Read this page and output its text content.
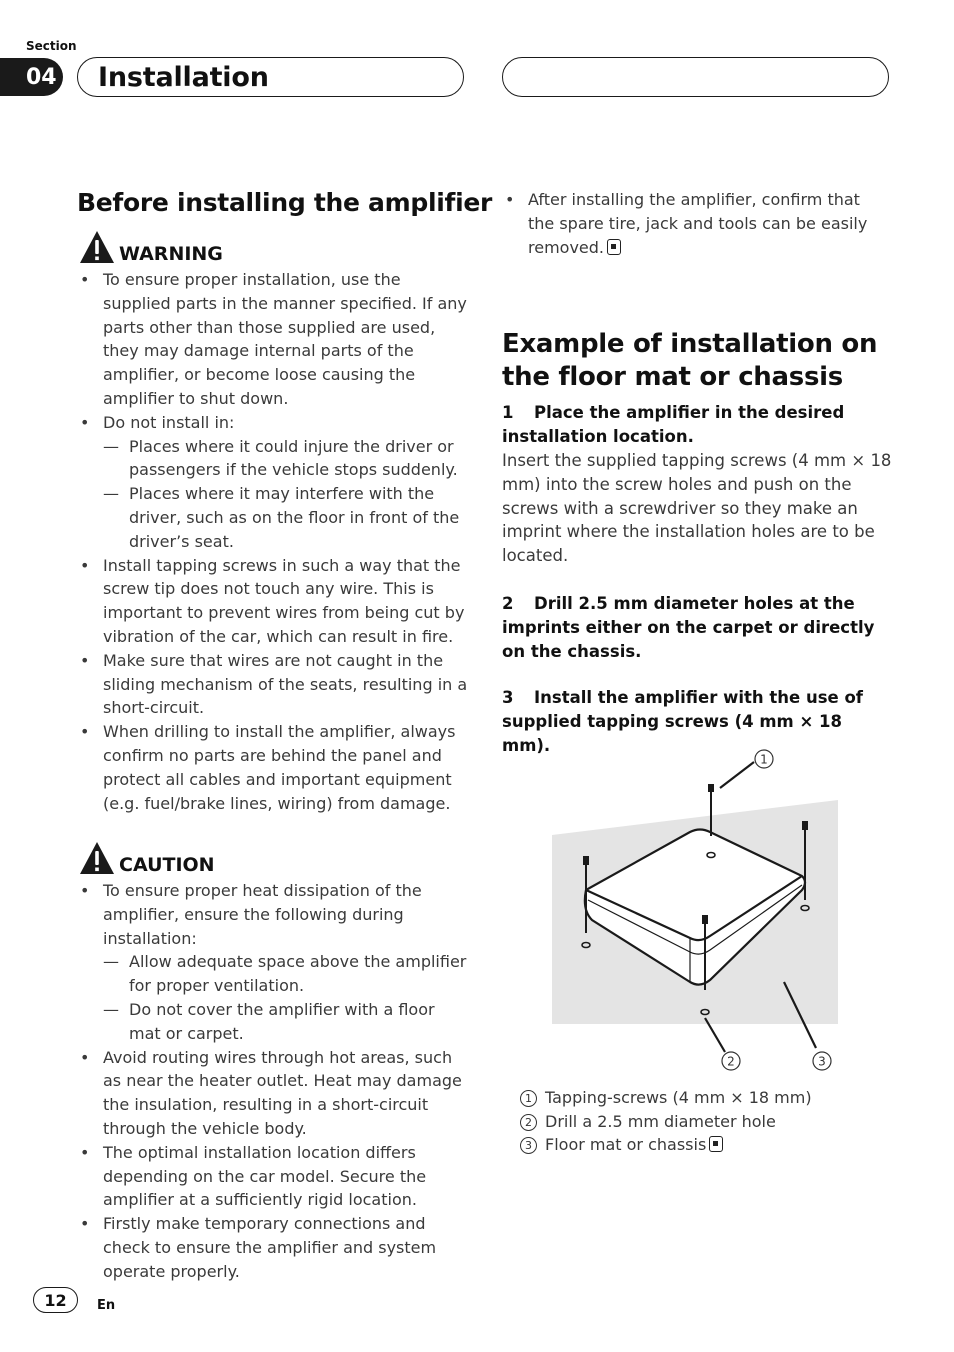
Section
04 Installation
Before installing the amplifier
WARNING
• To ensure proper installation, use the supplied parts in the manner specified. If any parts other than those supplied are used, they may damage internal parts of the amplifier, or become loose causing the amplifier to shut down.
• Do not install in:
— Places where it could injure the driver or passengers if the vehicle stops suddenly.
— Places where it may interfere with the driver, such as on the floor in front of the driver’s seat.
• Install tapping screws in such a way that the screw tip does not touch any wire. This is important to prevent wires from being cut by vibration of the car, which can result in fire.
• Make sure that wires are not caught in the sliding mechanism of the seats, resulting in a short-circuit.
• When drilling to install the amplifier, always confirm no parts are behind the panel and protect all cables and important equipment (e.g. fuel/brake lines, wiring) from damage.
CAUTION
• To ensure proper heat dissipation of the amplifier, ensure the following during installation:
— Allow adequate space above the amplifier for proper ventilation.
— Do not cover the amplifier with a floor mat or carpet.
• Avoid routing wires through hot areas, such as near the heater outlet. Heat may damage the insulation, resulting in a short-circuit through the vehicle body.
• The optimal installation location differs depending on the car model. Secure the amplifier at a sufficiently rigid location.
• Firstly make temporary connections and check to ensure the amplifier and system operate properly.
• After installing the amplifier, confirm that the spare tire, jack and tools can be easily removed.
Example of installation on
the floor mat or chassis
1 Place the amplifier in the desired installation location.
Insert the supplied tapping screws (4 mm × 18 mm) into the screw holes and push on the screws with a screwdriver so they make an imprint where the installation holes are to be located.
2 Drill 2.5 mm diameter holes at the imprints either on the carpet or directly on the chassis.
3 Install the amplifier with the use of supplied tapping screws (4 mm × 18 mm).
1
2	3
1 Tapping-screws (4 mm × 18 mm)
2 Drill a 2.5 mm diameter hole
3 Floor mat or chassis
12	En
